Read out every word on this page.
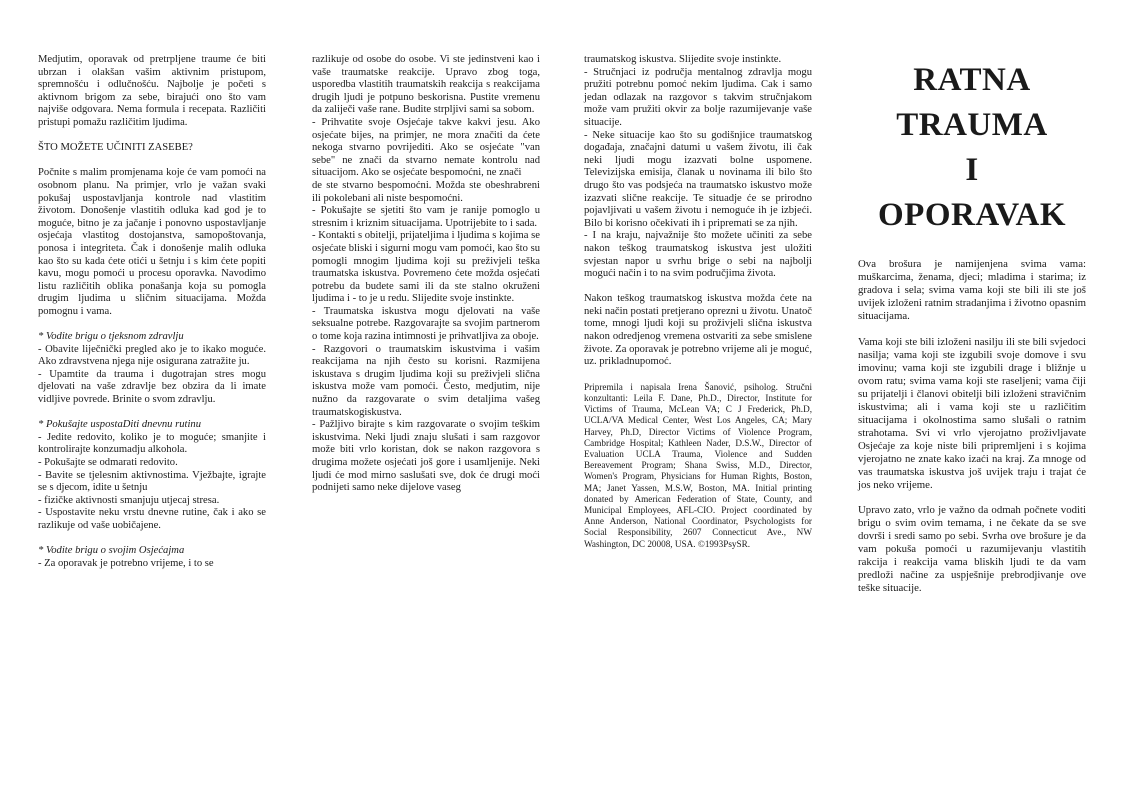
Medjutim, oporavak od pretrpljene traume će biti ubrzan i olakšan vašim aktivnim pristupom, spremnošću i odlučnošću. Najbolje je početi s aktivnom brigom za sebe, birajući ono što vam najviše odgovara. Nema formula i recepata. Različiti pristupi pomažu različitim ljudima.

ŠTO MOŽETE UČINITI ZASEBE?

Počnite s malim promjenama koje će vam pomoći na osobnom planu. Na primjer, vrlo je važan svaki pokušaj uspostavljanja kontrole nad vlastitim životom. Donošenje vlastitih odluka kad god je to moguće, bitno je za jačanje i ponovno uspostavljanje osjećaja vlastitog dostojanstva, samopoštovanja, ponosa i integriteta. Čak i donošenje malih odluka kao što su kada ćete otići u šetnju i s kim ćete popiti kavu, mogu pomoći u procesu oporavka. Navodimo listu različitih oblika ponašanja koja su pomogla drugim ljudima u sličnim situacijama. Možda pomognu i vama.

* Vodite brigu o tjeksnom zdravlju

- Obavite liječnički pregled ako je to ikako moguće. Ako zdravstvena njega nije osigurana zatražite ju.

- Upamtite da trauma i dugotrajan stres mogu djelovati na vaše zdravlje bez obzira da li imate vidljive povrede. Brinite o svom zdravlju.

* Pokušajte uspostaDiti dnevnu rutinu

- Jedite redovito, koliko je to moguće; smanjite i kontrolirajte konzumadju alkohola.

- Pokušajte se odmarati redovito.

- Bavite se tjelesnim aktivnostima. Vježbajte, igrajte se s djecom, idite u šetnju

- fizičke aktivnosti smanjuju utjecaj stresa.

- Uspostavite neku vrstu dnevne rutine, čak i ako se razlikuje od vaše uobičajene.

* Vodite brigu o svojim Osjećajma

- Za oporavak je potrebno vrijeme, i to se

razlikuje od osobe do osobe. Vi ste jedinstveni kao i vaše traumatske reakcije. Upravo zbog toga, usporedba vlastitih traumatskih reakcija s reakcijama drugih ljudi je potpuno beskorisna. Pustite vremenu da zaliječi vaše rane. Budite strpljivi sami sa sobom.

- Prihvatite svoje Osjećaje takve kakvi jesu. Ako osjećate bijes, na primjer, ne mora značiti da ćete nekoga stvarno povrijediti. Ako se osjećate "van sebe" ne znači da stvarno nemate kontrolu nad situacijom. Ako se osjećate bespomoćni, ne znači

de ste stvarno bespomoćni. Možda ste obeshrabreni ili pokolebani ali niste bespomoćni.

- Pokušajte se sjetiti što vam je ranije pomoglo u stresnim i kriznim situacijama. Upotrijebite to i sada.

- Kontakti s obitelji, prijateljima i ljudima s kojima se osjećate bliski i sigurni mogu vam pomoći, kao što su pomogli mnogim ljudima koji su preživjeli teška traumatska iskustva. Povremeno ćete možda osjećati potrebu da budete sami ili da ste stalno okruženi ljudima i - to je u redu. Slijedite svoje instinkte.

- Traumatska iskustva mogu djelovati na vaše seksualne potrebe. Razgovarajte sa svojim partnerom o tome koja razina intimnosti je prihvatljiva za oboje.

- Razgovori o traumatskim iskustvima i vašim reakcijama na njih često su korisni. Razmijena iskustava s drugim ljudima koji su preživjeli slična iskustva može vam pomoći. Često, medjutim, nije nužno da razgovarate o svim detaljima vašeg traumatskogiskustva.

- Pažljivo birajte s kim razgovarate o svojim teškim iskustvima. Neki ljudi znaju slušati i sam razgovor može biti vrlo koristan, dok se nakon razgovora s drugima možete osjećati još gore i usamljenije. Neki ljudi će mod mirno saslušati sve, dok će drugi moći podnijeti samo neke dijelove vaseg

traumatskog iskustva. Slijedite svoje instinkte.

- Stručnjaci iz područja mentalnog zdravlja mogu pružiti potrebnu pomoć nekim ljudima. Cak i samo jedan odlazak na razgovor s takvim stručnjakom može vam pružiti okvir za bolje razumijevanje vaše situacije.

- Neke situacije kao što su godišnjice traumatskog događaja, značajni datumi u vašem životu, ili čak neki ljudi mogu izazvati bolne uspomene. Televizijska emisija, članak u novinama ili bilo što drugo što vas podsjeća na traumatsko iskustvo može izazvati slične reakcije. Te situadje će se prirodno pojavljivati u vašem životu i nemoguće ih je izbjeći. Bilo bi korisno očekivati ih i pripremati se za njih.

- I na kraju, najvažnije što možete učiniti za sebe nakon teškog traumatskog iskustva jest uložiti svjestan napor u svrhu brige o sebi na najbolji mogući način i to na svim područjima života.

Nakon teškog traumatskog iskustva možda ćete na neki način postati pretjerano oprezni u životu. Unatoč tome, mnogi ljudi koji su proživjeli slična iskustva nakon odredjenog vremena ostvariti za sebe smislene živote. Za oporavak je potrebno vrijeme ali je moguć, uz. prikladnupomoć.

Pripremila i napisala Irena Šanović, psiholog. Stručni konzultanti: Leila F. Dane, Ph.D., Director, Institute for Victims of Trauma, McLean VA; C J Frederick, Ph.D, UCLA/VA Medical Center, West Los Angeles, CA; Mary Harvey, Ph.D, Director Victims of Violence Program, Cambridge Hospital; Kathleen Nader, D.S.W., Director of Evaluation UCLA Trauma, Violence and Sudden Bereavement Program; Shana Swiss, M.D., Director, Women's Program, Physicians for Human Rights, Boston, MA; Janet Yassen, M.S.W, Boston, MA. Initial printing donated by American Federation of State, County, and Municipal Employees, AFL-CIO. Project coordinated by Anne Anderson, National Coordinator, Psychologists for Social Responsibility, 2607 Connecticut Ave., NW Washington, DC 20008, USA. ©1993PsySR.

RATNA
TRAUMA
I
OPORAVAK

Ova brošura je namijenjena svima vama: muškarcima, ženama, djeci; mladima i starima; iz gradova i sela; svima vama koji ste bili ili ste još uvijek izloženi ratnim stradanjima i životno opasnim situacijama.

Vama koji ste bili izloženi nasilju ili ste bili svjedoci nasilja; vama koji ste izgubili svoje domove i svu imovinu; vama koji ste izgubili drage i bližnje u ovom ratu; svima vama koji ste raseljeni; vama čiji su prijatelji i članovi obitelji bili izloženi stravičnim iskustvima; ali i vama koji ste u različitim situacijama i okolnostima samo slušali o ratnim strahotama. Svi vi vrlo vjerojatno proživljavate Osjećaje za koje niste bili pripremljeni i s kojima vjerojatno ne znate kako izaći na kraj. Za mnoge od vas traumatska iskustva još uvijek traju i trajat će jos neko vrijeme.

Upravo zato, vrlo je važno da odmah počnete voditi brigu o svim ovim temama, i ne čekate da se sve dovrši i sredi samo po sebi. Svrha ove brošure je da vam pokuša pomoći u razumijevanju vlastitih rakcija i reakcija vama bliskih ljudi te da vam predloži načine za uspješnije prebrodjivanje ove teške situacije.
